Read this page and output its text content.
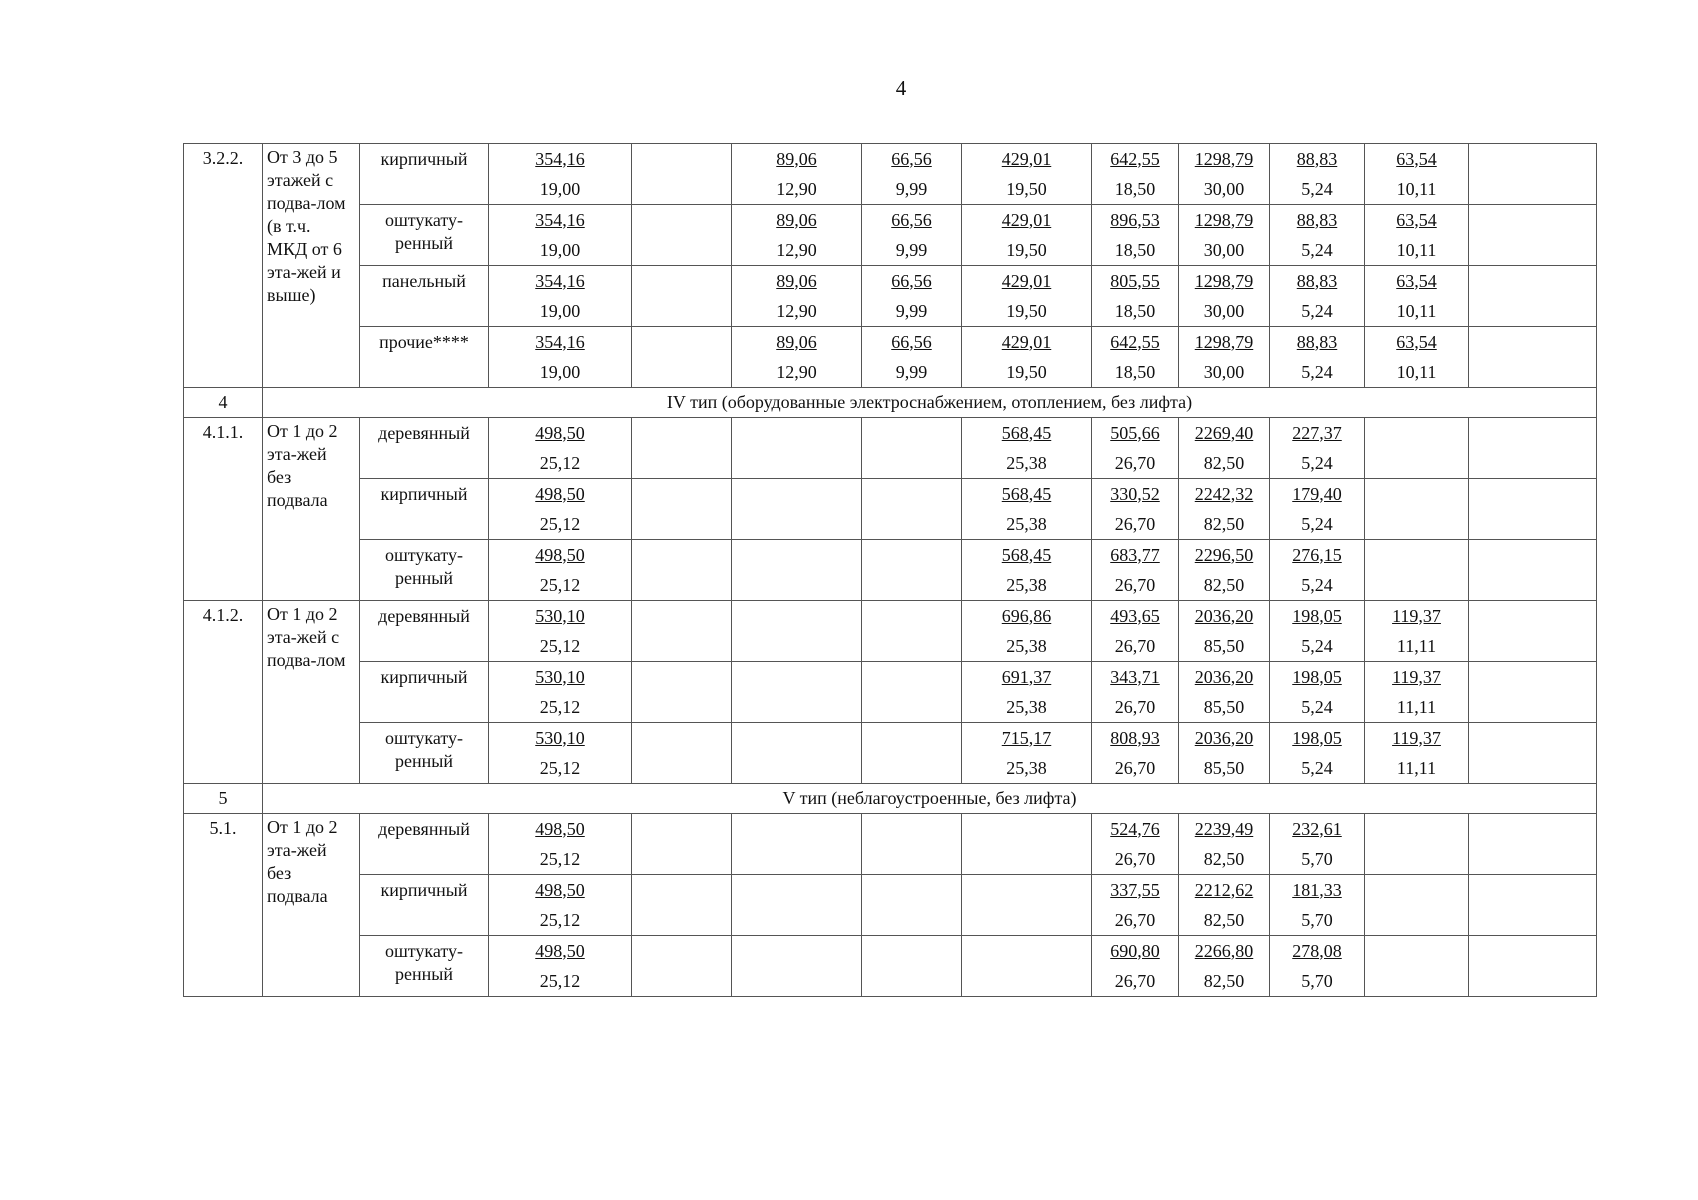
4
3.2.2.	От 3 до 5 этажей с подва-лом (в т.ч. МКД от 6 эта-жей и выше)	кирпичный	354,16		89,06	66,56	429,01	642,55	1298,79	88,83	63,54	
			19,00		12,90	9,99	19,50	18,50	30,00	5,24	10,11	
		оштукату-ренный	354,16		89,06	66,56	429,01	896,53	1298,79	88,83	63,54	
			19,00		12,90	9,99	19,50	18,50	30,00	5,24	10,11	
		панельный	354,16		89,06	66,56	429,01	805,55	1298,79	88,83	63,54	
			19,00		12,90	9,99	19,50	18,50	30,00	5,24	10,11	
		прочие****	354,16		89,06	66,56	429,01	642,55	1298,79	88,83	63,54	
			19,00		12,90	9,99	19,50	18,50	30,00	5,24	10,11	
4	IV тип (оборудованные электроснабжением, отоплением, без лифта)											
4.1.1.	От 1 до 2 эта-жей без подвала	деревянный	498,50				568,45	505,66	2269,40	227,37		
			25,12				25,38	26,70	82,50	5,24		
		кирпичный	498,50				568,45	330,52	2242,32	179,40		
			25,12				25,38	26,70	82,50	5,24		
		оштукату-ренный	498,50				568,45	683,77	2296,50	276,15		
			25,12				25,38	26,70	82,50	5,24		
4.1.2.	От 1 до 2 эта-жей с подва-лом	деревянный	530,10				696,86	493,65	2036,20	198,05	119,37	
			25,12				25,38	26,70	85,50	5,24	11,11	
		кирпичный	530,10				691,37	343,71	2036,20	198,05	119,37	
			25,12				25,38	26,70	85,50	5,24	11,11	
		оштукату-ренный	530,10				715,17	808,93	2036,20	198,05	119,37	
			25,12				25,38	26,70	85,50	5,24	11,11	
5	V тип (неблагоустроенные, без лифта)											
5.1.	От 1 до 2 эта-жей без подвала	деревянный	498,50					524,76	2239,49	232,61		
			25,12					26,70	82,50	5,70		
		кирпичный	498,50					337,55	2212,62	181,33		
			25,12					26,70	82,50	5,70		
		оштукату-ренный	498,50					690,80	2266,80	278,08		
			25,12					26,70	82,50	5,70		
